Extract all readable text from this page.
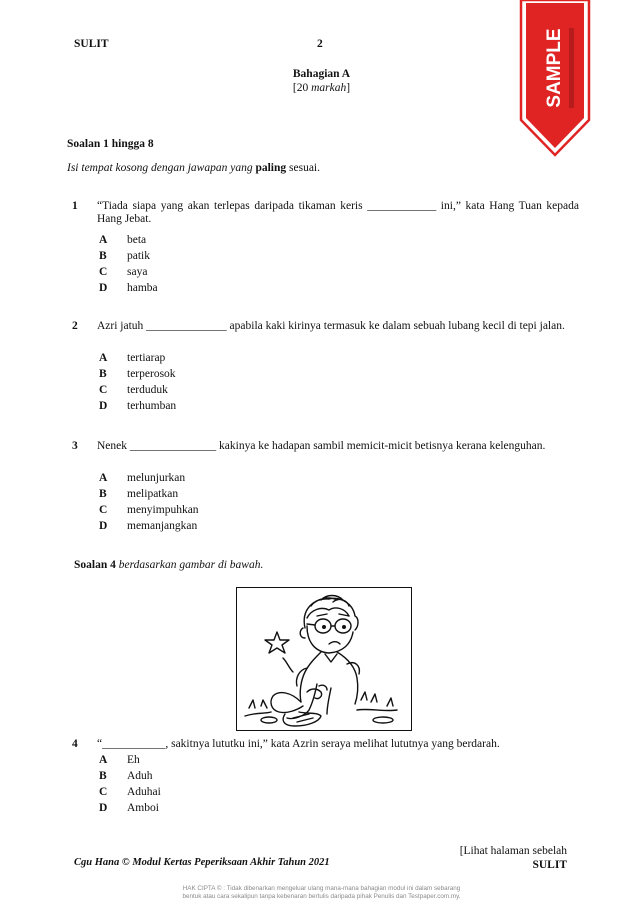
SULIT	2
Bahagian A
[20 markah]	SAMPLE
Soalan 1 hingga 8
Isi tempat kosong dengan jawapan yang paling sesuai.
1 “Tiada siapa yang akan terlepas daripada tikaman keris ____________ ini,” kata Hang Tuan kepada Hang Jebat.
A beta
B patik
C saya
D hamba
2 Azri jatuh ______________ apabila kaki kirinya termasuk ke dalam sebuah lubang kecil di tepi jalan.
A tertiarap
B terperosok
C terduduk
D terhumban
3 Nenek _______________ kakinya ke hadapan sambil memicit-micit betisnya kerana kelenguhan.
A melunjurkan
B melipatkan
C menyimpuhkan
D memanjangkan
Soalan 4 berdasarkan gambar di bawah.
4 “___________, sakitnya lututku ini,” kata Azrin seraya melihat lututnya yang berdarah.
A Eh
B Aduh
C Aduhai
D Amboi
Cgu Hana © Modul Kertas Peperiksaan Akhir Tahun 2021
[Lihat halaman sebelah
SULIT
HAK CIPTA © : Tidak dibenarkan mengeluar ulang mana-mana bahagian modul ini dalam sebarang
bentuk atau cara sekalipun tanpa kebenaran bertulis daripada pihak Penulis dan Testpaper.com.my.
